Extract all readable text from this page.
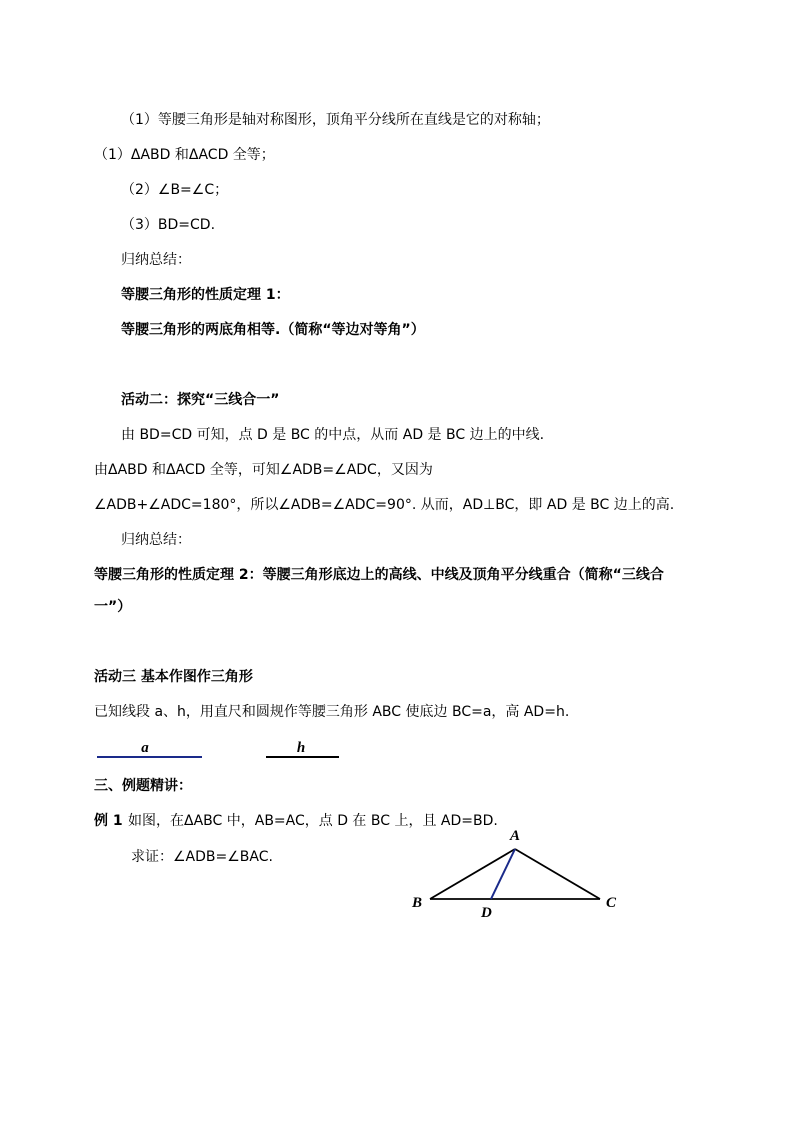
（1）等腰三角形是轴对称图形，顶角平分线所在直线是它的对称轴；
（1）ΔABD 和ΔACD 全等；
（2）∠B=∠C；
（3）BD=CD.
归纳总结：
等腰三角形的性质定理 1：
等腰三角形的两底角相等.（简称“等边对等角”）
活动二：探究“三线合一”
由 BD=CD 可知，点 D 是 BC 的中点，从而 AD 是 BC 边上的中线.
由ΔABD 和ΔACD 全等，可知∠ADB=∠ADC，又因为
∠ADB+∠ADC=180°，所以∠ADB=∠ADC=90°. 从而，AD⊥BC，即 AD 是 BC 边上的高.
归纳总结：
等腰三角形的性质定理 2：等腰三角形底边上的高线、中线及顶角平分线重合（简称“三线合
一”）
活动三 基本作图作三角形
已知线段 a、h，用直尺和圆规作等腰三角形 ABC 使底边 BC=a，高 AD=h.
a	h
三、例题精讲：
例 1 如图，在ΔABC 中，AB=AC，点 D 在 BC 上，且 AD=BD.
求证：∠ADB=∠BAC.
A
B	C
D
